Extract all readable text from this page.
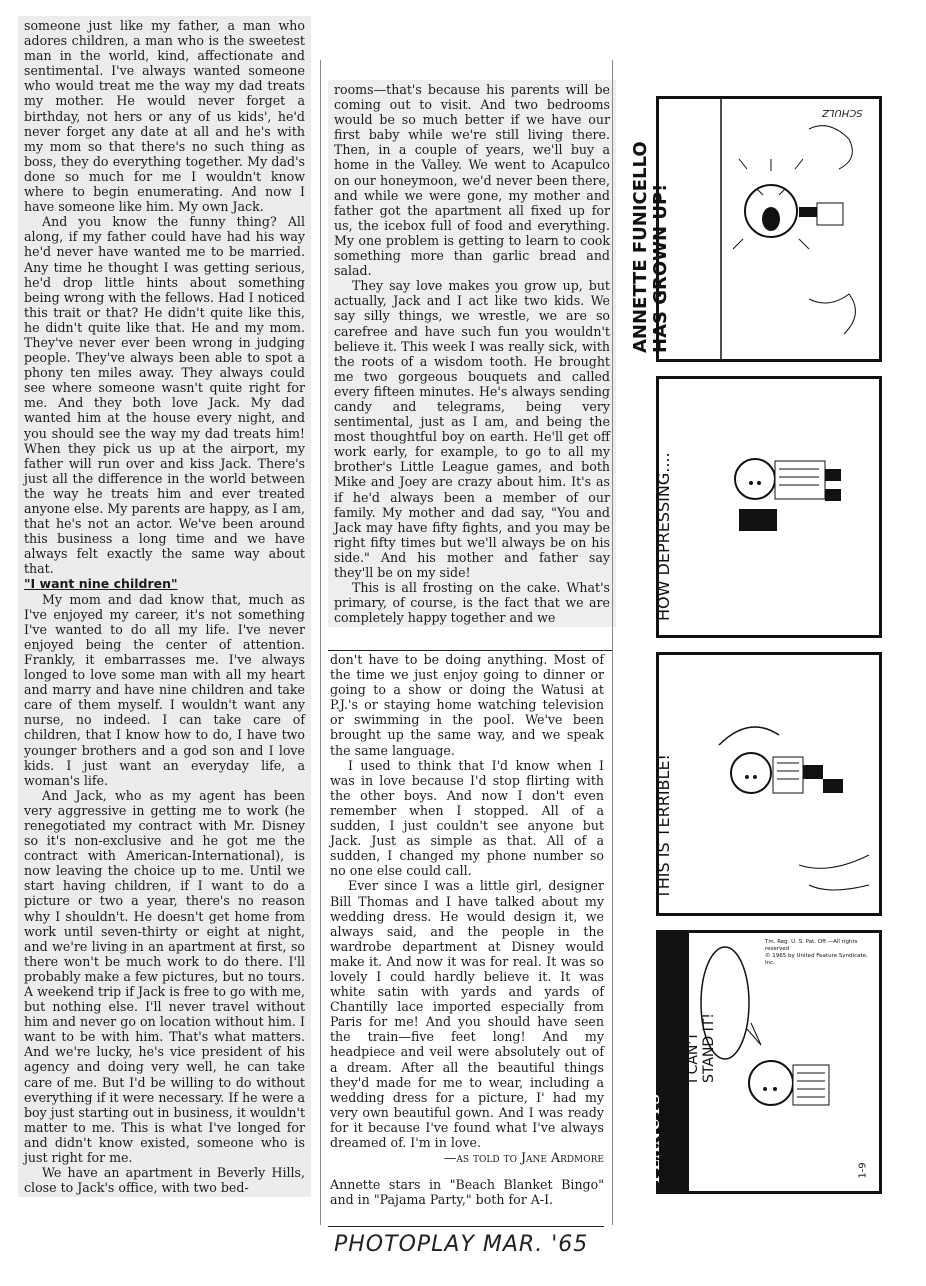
someone just like my father, a man who adores children, a man who is the sweetest man in the world, kind, affectionate and sentimental. I've always wanted someone who would treat me the way my dad treats my mother. He would never forget a birthday, not hers or any of us kids', he'd never forget any date at all and he's with my mom so that there's no such thing as boss, they do everything together. My dad's done so much for me I wouldn't know where to begin enumerating. And now I have someone like him. My own Jack.

And you know the funny thing? All along, if my father could have had his way he'd never have wanted me to be married. Any time he thought I was getting serious, he'd drop little hints about something being wrong with the fellows. Had I noticed this trait or that? He didn't quite like this, he didn't quite like that. He and my mom. They've never ever been wrong in judging people. They've always been able to spot a phony ten miles away. They always could see where someone wasn't quite right for me. And they both love Jack. My dad wanted him at the house every night, and you should see the way my dad treats him! When they pick us up at the airport, my father will run over and kiss Jack. There's just all the difference in the world between the way he treats him and ever treated anyone else. My parents are happy, as I am, that he's not an actor. We've been around this business a long time and we have always felt exactly the same way about that.

"I want nine children"

My mom and dad know that, much as I've enjoyed my career, it's not something I've wanted to do all my life. I've never enjoyed being the center of attention. Frankly, it embarrasses me. I've always longed to love some man with all my heart and marry and have nine children and take care of them myself. I wouldn't want any nurse, no indeed. I can take care of children, that I know how to do, I have two younger brothers and a god son and I love kids. I just want an everyday life, a woman's life.

And Jack, who as my agent has been very aggressive in getting me to work (he renegotiated my contract with Mr. Disney so it's non-exclusive and he got me the contract with American-International), is now leaving the choice up to me. Until we start having children, if I want to do a picture or two a year, there's no reason why I shouldn't. He doesn't get home from work until seven-thirty or eight at night, and we're living in an apartment at first, so there won't be much work to do there. I'll probably make a few pictures, but no tours. A weekend trip if Jack is free to go with me, but nothing else. I'll never travel without him and never go on location without him. I want to be with him. That's what matters. And we're lucky, he's vice president of his agency and doing very well, he can take care of me. But I'd be willing to do without everything if it were necessary. If he were a boy just starting out in business, it wouldn't matter to me. This is what I've longed for and didn't know existed, someone who is just right for me.

We have an apartment in Beverly Hills, close to Jack's office, with two bed-

rooms—that's because his parents will be coming out to visit. And two bedrooms would be so much better if we have our first baby while we're still living there. Then, in a couple of years, we'll buy a home in the Valley. We went to Acapulco on our honeymoon, we'd never been there, and while we were gone, my mother and father got the apartment all fixed up for us, the icebox full of food and everything. My one problem is getting to learn to cook something more than garlic bread and salad.

They say love makes you grow up, but actually, Jack and I act like two kids. We say silly things, we wrestle, we are so carefree and have such fun you wouldn't believe it. This week I was really sick, with the roots of a wisdom tooth. He brought me two gorgeous bouquets and called every fifteen minutes. He's always sending candy and telegrams, being very sentimental, just as I am, and being the most thoughtful boy on earth. He'll get off work early, for example, to go to all my brother's Little League games, and both Mike and Joey are crazy about him. It's as if he'd always been a member of our family. My mother and dad say, "You and Jack may have fifty fights, and you may be right fifty times but we'll always be on his side." And his mother and father say they'll be on my side!

This is all frosting on the cake. What's primary, of course, is the fact that we are completely happy together and we

don't have to be doing anything. Most of the time we just enjoy going to dinner or going to a show or doing the Watusi at P.J.'s or staying home watching television or swimming in the pool. We've been brought up the same way, and we speak the same language.

I used to think that I'd know when I was in love because I'd stop flirting with the other boys. And now I don't even remember when I stopped. All of a sudden, I just couldn't see anyone but Jack. Just as simple as that. All of a sudden, I changed my phone number so no one else could call.

Ever since I was a little girl, designer Bill Thomas and I have talked about my wedding dress. He would design it, we always said, and the people in the wardrobe department at Disney would make it. And now it was for real. It was so lovely I could hardly believe it. It was white satin with yards and yards of Chantilly lace imported especially from Paris for me! And you should have seen the train—five feet long! And my headpiece and veil were absolutely out of a dream. After all the beautiful things they'd made for me to wear, including a wedding dress for a picture, I' had my very own beautiful gown. And I was ready for it because I've found what I've always dreamed of. I'm in love.

—as told to Jane Ardmore

Annette stars in "Beach Blanket Bingo" and in "Pajama Party," both for A-I.

PHOTOPLAY MAR. '65
ANNETTE FUNICELLO HAS GROWN UP!
SCHULZ
HOW DEPRESSING....
THIS IS TERRIBLE!
PEANUTS
I CAN'T STAND IT!
Tm. Reg. U. S. Pat. Off.—All rights reserved
© 1965 by United Feature Syndicate, Inc.
1-9
